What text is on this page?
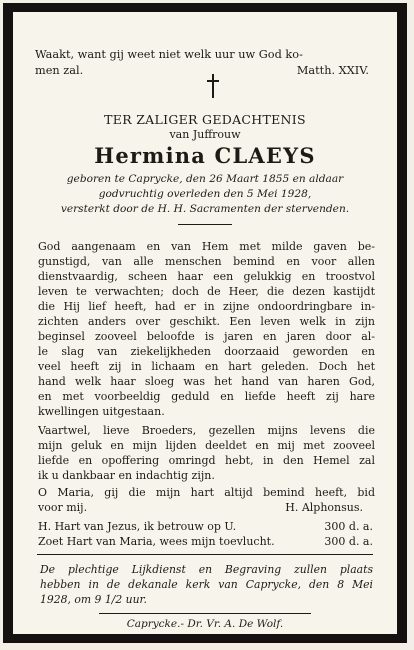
Waakt, want gij weet niet welk uur uw God ko-

men zal.	Matth. XXIV.

TER ZALIGER GEDACHTENIS

van Juffrouw

Hermina CLAEYS

geboren te Caprycke, den 26 Maart 1855 en aldaar

godvruchtig overleden den 5 Mei 1928,

versterkt door de H. H. Sacramenten der stervenden.

God aangenaam en van Hem met milde gaven be-

gunstigd, van alle menschen bemind en voor allen

dienstvaardig, scheen haar een gelukkig en troostvol

leven te verwachten; doch de Heer, die dezen kastijdt

die Hij lief heeft, had er in zijne ondoordringbare in-

zichten anders over geschikt. Een leven welk in zijn

beginsel zooveel beloofde is jaren en jaren door al-

le slag van ziekelijkheden doorzaaid geworden en

veel heeft zij in lichaam en hart geleden. Doch het

hand welk haar sloeg was het hand van haren God,

en met voorbeeldig geduld en liefde heeft zij hare

kwellingen uitgestaan.

Vaartwel, lieve Broeders, gezellen mijns levens die

mijn geluk en mijn lijden deeldet en mij met zooveel

liefde en opoffering omringd hebt, in den Hemel zal

ik u dankbaar en indachtig zijn.

O Maria, gij die mijn hart altijd bemind heeft, bid

voor mij.	H. Alphonsus.

H. Hart van Jezus, ik betrouw op U.	300 d. a.

Zoet Hart van Maria, wees mijn toevlucht.	300 d. a.

De plechtige Lijkdienst en Begraving zullen plaats

hebben in de dekanale kerk van Caprycke, den 8 Mei

1928, om 9 1/2 uur.

Caprycke.- Dr. Vr. A. De Wolf.
